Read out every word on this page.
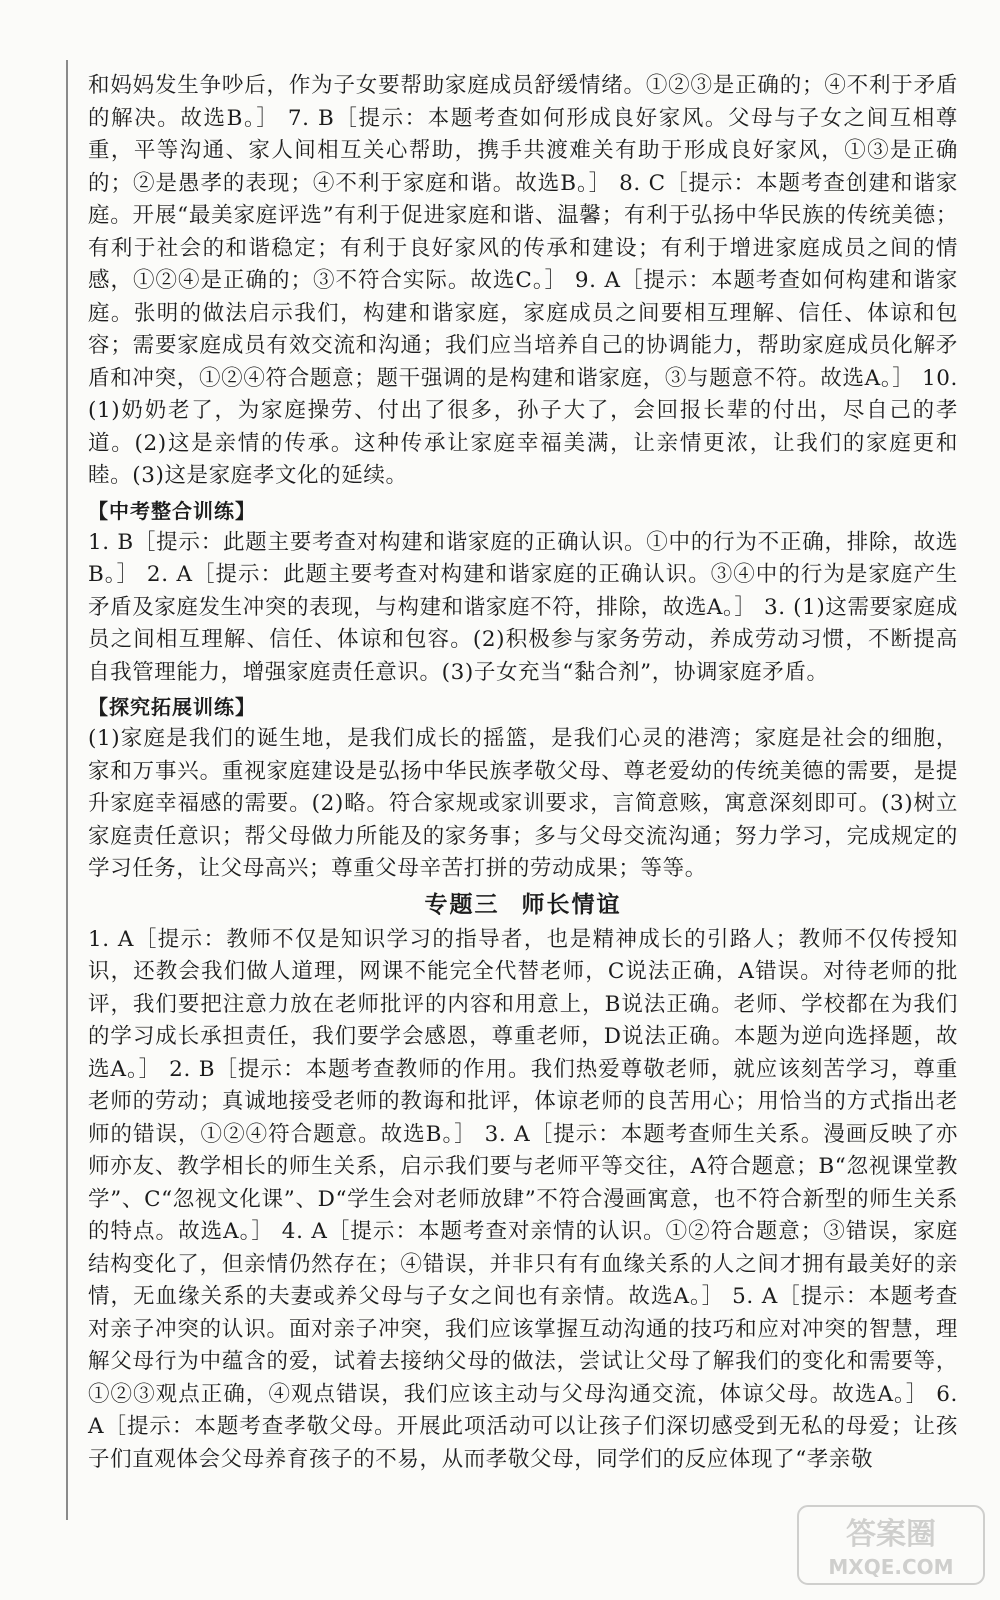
和妈妈发生争吵后，作为子女要帮助家庭成员舒缓情绪。①②③是正确的；④不利于矛盾的解决。故选B。］ 7. B［提示：本题考查如何形成良好家风。父母与子女之间互相尊重，平等沟通、家人间相互关心帮助，携手共渡难关有助于形成良好家风，①③是正确的；②是愚孝的表现；④不利于家庭和谐。故选B。］ 8. C［提示：本题考查创建和谐家庭。开展“最美家庭评选”有利于促进家庭和谐、温馨；有利于弘扬中华民族的传统美德；有利于社会的和谐稳定；有利于良好家风的传承和建设；有利于增进家庭成员之间的情感，①②④是正确的；③不符合实际。故选C。］ 9. A［提示：本题考查如何构建和谐家庭。张明的做法启示我们，构建和谐家庭，家庭成员之间要相互理解、信任、体谅和包容；需要家庭成员有效交流和沟通；我们应当培养自己的协调能力，帮助家庭成员化解矛盾和冲突，①②④符合题意；题干强调的是构建和谐家庭，③与题意不符。故选A。］ 10. (1)奶奶老了，为家庭操劳、付出了很多，孙子大了，会回报长辈的付出，尽自己的孝道。(2)这是亲情的传承。这种传承让家庭幸福美满，让亲情更浓，让我们的家庭更和睦。(3)这是家庭孝文化的延续。

【中考整合训练】

1. B［提示：此题主要考查对构建和谐家庭的正确认识。①中的行为不正确，排除，故选B。］ 2. A［提示：此题主要考查对构建和谐家庭的正确认识。③④中的行为是家庭产生矛盾及家庭发生冲突的表现，与构建和谐家庭不符，排除，故选A。］ 3. (1)这需要家庭成员之间相互理解、信任、体谅和包容。(2)积极参与家务劳动，养成劳动习惯，不断提高自我管理能力，增强家庭责任意识。(3)子女充当“黏合剂”，协调家庭矛盾。

【探究拓展训练】

(1)家庭是我们的诞生地，是我们成长的摇篮，是我们心灵的港湾；家庭是社会的细胞，家和万事兴。重视家庭建设是弘扬中华民族孝敬父母、尊老爱幼的传统美德的需要，是提升家庭幸福感的需要。(2)略。符合家规或家训要求，言简意赅，寓意深刻即可。(3)树立家庭责任意识；帮父母做力所能及的家务事；多与父母交流沟通；努力学习，完成规定的学习任务，让父母高兴；尊重父母辛苦打拼的劳动成果；等等。

专题三 师长情谊

1. A［提示：教师不仅是知识学习的指导者，也是精神成长的引路人；教师不仅传授知识，还教会我们做人道理，网课不能完全代替老师，C说法正确，A错误。对待老师的批评，我们要把注意力放在老师批评的内容和用意上，B说法正确。老师、学校都在为我们的学习成长承担责任，我们要学会感恩，尊重老师，D说法正确。本题为逆向选择题，故选A。］ 2. B［提示：本题考查教师的作用。我们热爱尊敬老师，就应该刻苦学习，尊重老师的劳动；真诚地接受老师的教诲和批评，体谅老师的良苦用心；用恰当的方式指出老师的错误，①②④符合题意。故选B。］ 3. A［提示：本题考查师生关系。漫画反映了亦师亦友、教学相长的师生关系，启示我们要与老师平等交往，A符合题意；B“忽视课堂教学”、C“忽视文化课”、D“学生会对老师放肆”不符合漫画寓意，也不符合新型的师生关系的特点。故选A。］ 4. A［提示：本题考查对亲情的认识。①②符合题意；③错误，家庭结构变化了，但亲情仍然存在；④错误，并非只有有血缘关系的人之间才拥有最美好的亲情，无血缘关系的夫妻或养父母与子女之间也有亲情。故选A。］ 5. A［提示：本题考查对亲子冲突的认识。面对亲子冲突，我们应该掌握互动沟通的技巧和应对冲突的智慧，理解父母行为中蕴含的爱，试着去接纳父母的做法，尝试让父母了解我们的变化和需要等，①②③观点正确，④观点错误，我们应该主动与父母沟通交流，体谅父母。故选A。］ 6. A［提示：本题考查孝敬父母。开展此项活动可以让孩子们深切感受到无私的母爱；让孩子们直观体会父母养育孩子的不易，从而孝敬父母，同学们的反应体现了“孝亲敬

答案圈
MXQE.COM
